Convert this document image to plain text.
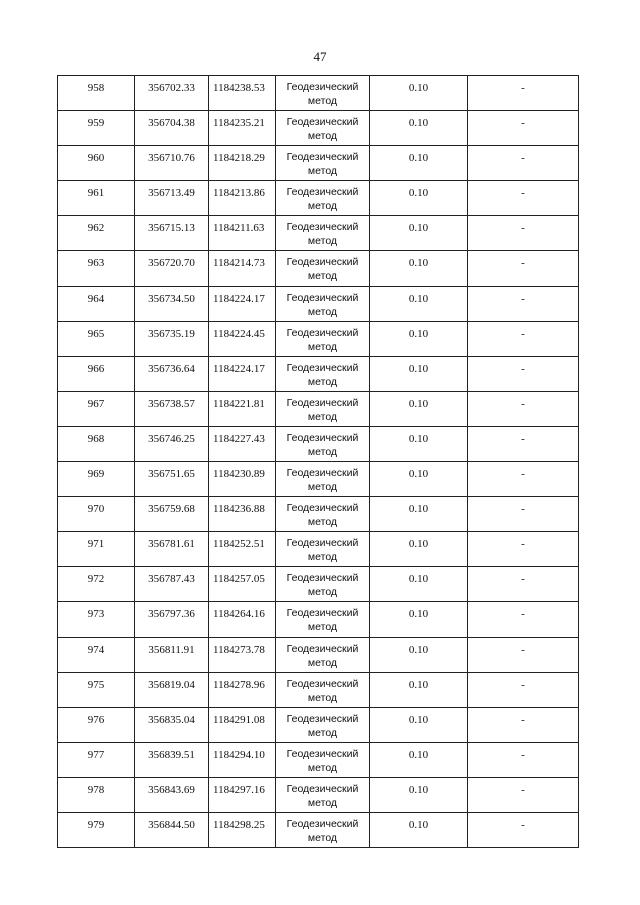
47
958	356702.33	1184238.53	Геодезический метод	0.10	-
959	356704.38	1184235.21	Геодезический метод	0.10	-
960	356710.76	1184218.29	Геодезический метод	0.10	-
961	356713.49	1184213.86	Геодезический метод	0.10	-
962	356715.13	1184211.63	Геодезический метод	0.10	-
963	356720.70	1184214.73	Геодезический метод	0.10	-
964	356734.50	1184224.17	Геодезический метод	0.10	-
965	356735.19	1184224.45	Геодезический метод	0.10	-
966	356736.64	1184224.17	Геодезический метод	0.10	-
967	356738.57	1184221.81	Геодезический метод	0.10	-
968	356746.25	1184227.43	Геодезический метод	0.10	-
969	356751.65	1184230.89	Геодезический метод	0.10	-
970	356759.68	1184236.88	Геодезический метод	0.10	-
971	356781.61	1184252.51	Геодезический метод	0.10	-
972	356787.43	1184257.05	Геодезический метод	0.10	-
973	356797.36	1184264.16	Геодезический метод	0.10	-
974	356811.91	1184273.78	Геодезический метод	0.10	-
975	356819.04	1184278.96	Геодезический метод	0.10	-
976	356835.04	1184291.08	Геодезический метод	0.10	-
977	356839.51	1184294.10	Геодезический метод	0.10	-
978	356843.69	1184297.16	Геодезический метод	0.10	-
979	356844.50	1184298.25	Геодезический метод	0.10	-
